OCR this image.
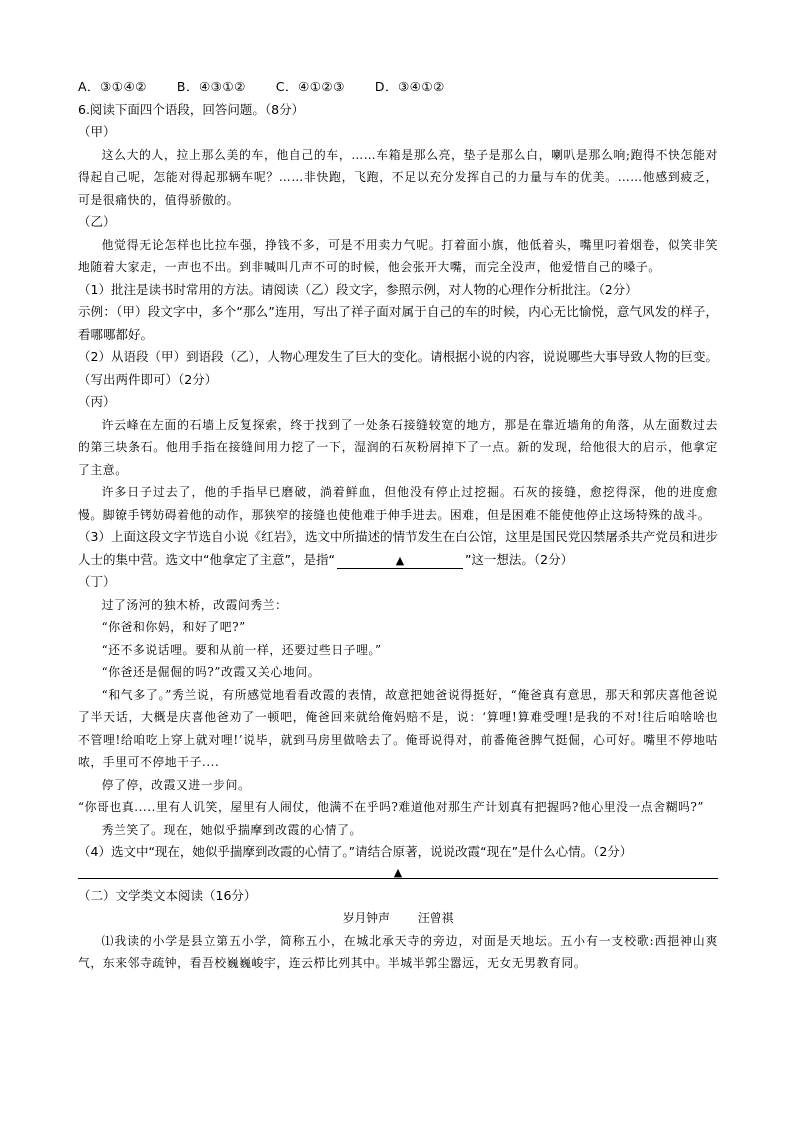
A．③①④② B．④③①② C．④①②③ D．③④①②
6.阅读下面四个语段，回答问题。（8分）
（甲）

这么大的人，拉上那么美的车，他自己的车，……车箱是那么亮，垫子是那么白，喇叭是那么响;跑得不快怎能对得起自己呢，怎能对得起那辆车呢？……非快跑，飞跑，不足以充分发挥自己的力量与车的优美。……他感到疲乏，可是很痛快的，值得骄傲的。

（乙）

他觉得无论怎样也比拉车强，挣钱不多，可是不用卖力气呢。打着面小旗，他低着头，嘴里叼着烟卷，似笑非笑地随着大家走，一声也不出。到非喊叫几声不可的时候，他会张开大嘴，而完全没声，他爱惜自己的嗓子。

（1）批注是读书时常用的方法。请阅读（乙）段文字，参照示例，对人物的心理作分析批注。（2分）

示例：（甲）段文字中，多个“那么”连用，写出了祥子面对属于自己的车的时候，内心无比愉悦，意气风发的样子，看哪哪都好。

（2）从语段（甲）到语段（乙），人物心理发生了巨大的变化。请根据小说的内容，说说哪些大事导致人物的巨变。（写出两件即可）（2分）

（丙）

许云峰在左面的石墙上反复探索，终于找到了一处条石接缝较宽的地方，那是在靠近墙角的角落，从左面数过去的第三块条石。他用手指在接缝间用力挖了一下，湿润的石灰粉屑掉下了一点。新的发现，给他很大的启示，他拿定了主意。

许多日子过去了，他的手指早已磨破，淌着鲜血，但他没有停止过挖掘。石灰的接缝，愈挖得深，他的进度愈慢。脚镣手铐妨碍着他的动作，那狭窄的接缝也使他难于伸手进去。困难，但是困难不能使他停止这场特殊的战斗。

（3）上面这段文字节选自小说《红岩》，选文中所描述的情节发生在白公馆，这里是国民党囚禁屠杀共产党员和进步人士的集中营。选文中“他拿定了主意”，是指“	▲	”这一想法。（2分）

（丁）

过了汤河的独木桥，改霞问秀兰：

“你爸和你妈，和好了吧?”

“还不多说话哩。要和从前一样，还要过些日子哩。”

“你爸还是倔倔的吗?”改霞又关心地问。

“和气多了。”秀兰说，有所感觉地看看改霞的表情，故意把她爸说得挺好，“俺爸真有意思，那天和郭庆喜他爸说了半天话，大概是庆喜他爸劝了一顿吧，俺爸回来就给俺妈赔不是，说：‘算哩!算难受哩!是我的不对!往后咱啥啥也不管哩!给咱吃上穿上就对哩!’说毕，就到马房里做啥去了。俺哥说得对，前番俺爸脾气挺倔，心可好。嘴里不停地咕哝，手里可不停地干子....

停了停，改霞又进一步问。

“你哥也真.....里有人讥笑，屋里有人闹仗，他满不在乎吗?难道他对那生产计划真有把握吗?他心里没一点舍糊吗?”

秀兰笑了。现在，她似乎揣摩到改霞的心情了。

（4）选文中“现在，她似乎揣摩到改霞的心情了。”请结合原著，说说改霞“现在”是什么心情。（2分）

▲
（二）文学类文本阅读（16分）
岁月钟声 汪曾祺

⑴我读的小学是县立第五小学，简称五小，在城北承天寺的旁边，对面是天地坛。五小有一支校歌:西挹神山爽气，东来邻寺疏钟，看吾校巍巍峻宇，连云栉比列其中。半城半郭尘嚣远，无女无男教育同。
